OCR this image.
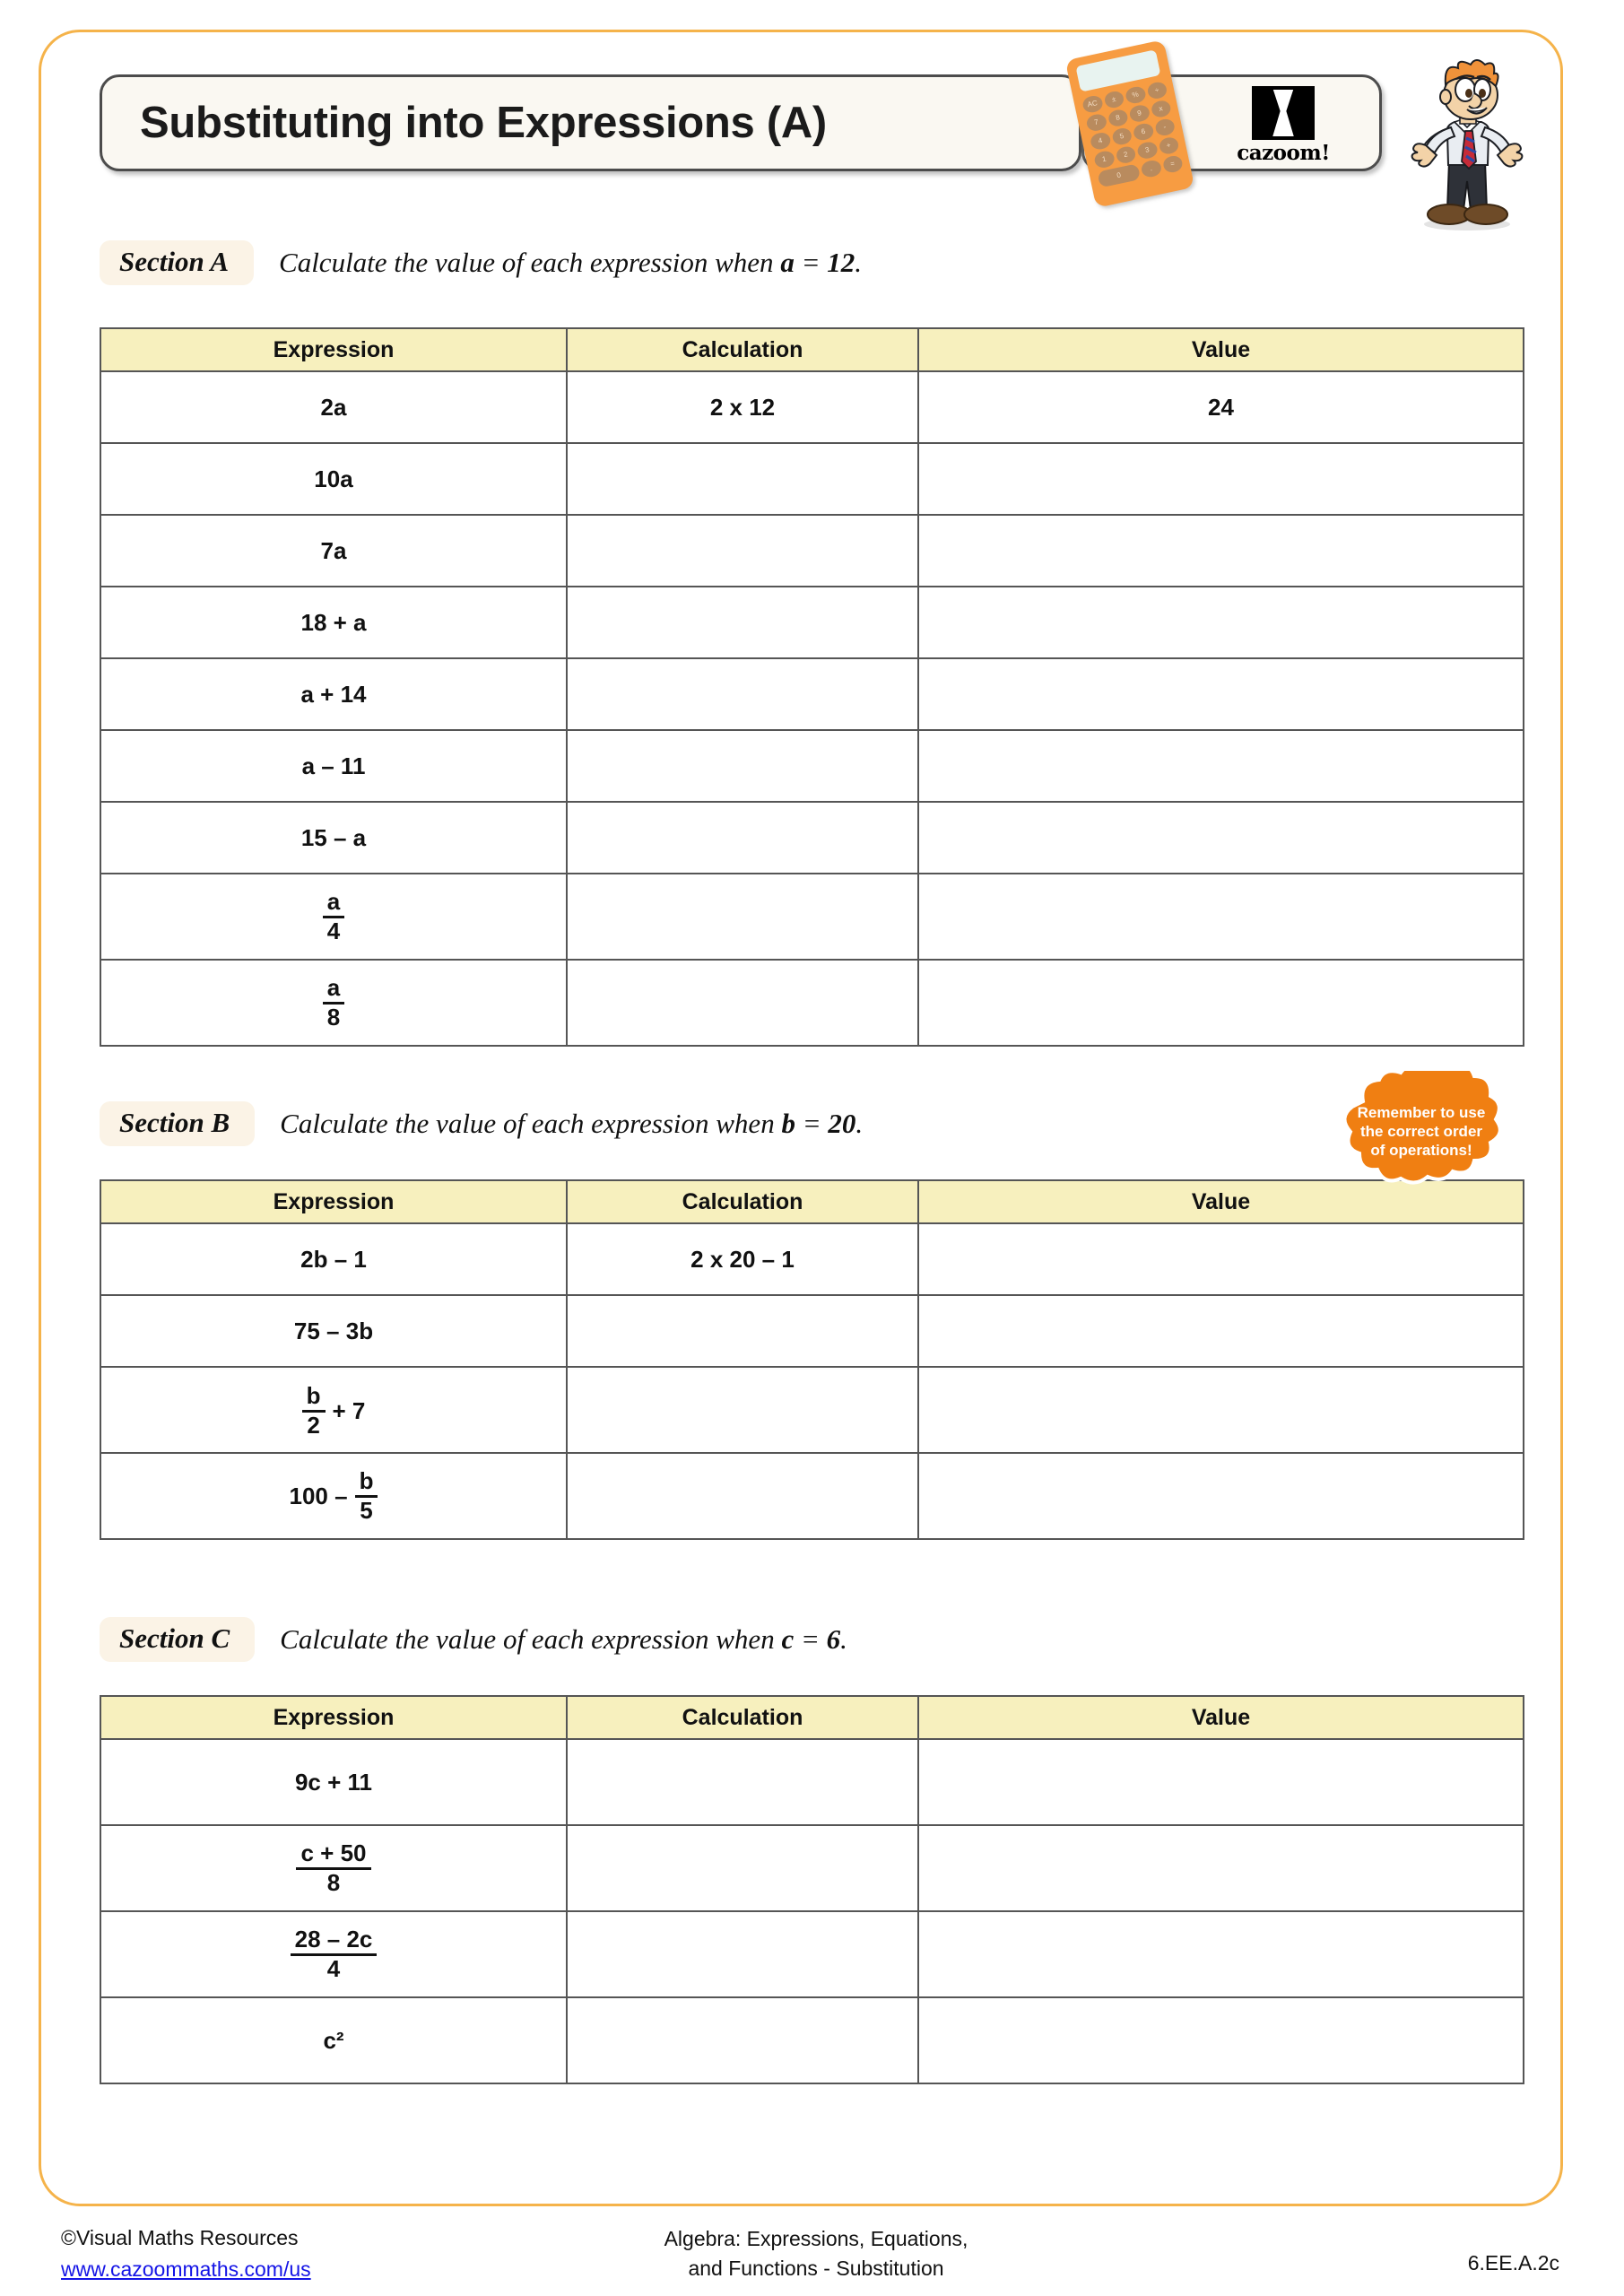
Substituting into Expressions (A)
cazoom!
AC	±	%	÷
7
8
9
x
4
5
6
-
1
2
3
+
0
.
=
Section A	Calculate the value of each expression when a = 12.
Expression	Calculation	Value
2a	2 x 12	24
10a		
7a		
18 + a		
a + 14		
a – 11		
15 – a		

$\frac{a}{4}$

$\frac{a}{8}$

Section B	Calculate the value of each expression when b = 20.	Remember to use
the correct order
of operations!
Expression	Calculation	Value
2b – 1	2 x 20 – 1	
75 – 3b		

$\frac{b}{2} + 7$		

$100 - \frac{b}{5}$

Section C	Calculate the value of each expression when c = 6.
Expression	Calculation	Value
9c + 11		

$\frac{c + 50}{8}$

$\frac{28 - 2c}{4}$

c²		
©Visual Maths Resources
www.cazoommaths.com/us
Algebra: Expressions, Equations,
and Functions - Substitution	6.EE.A.2c
